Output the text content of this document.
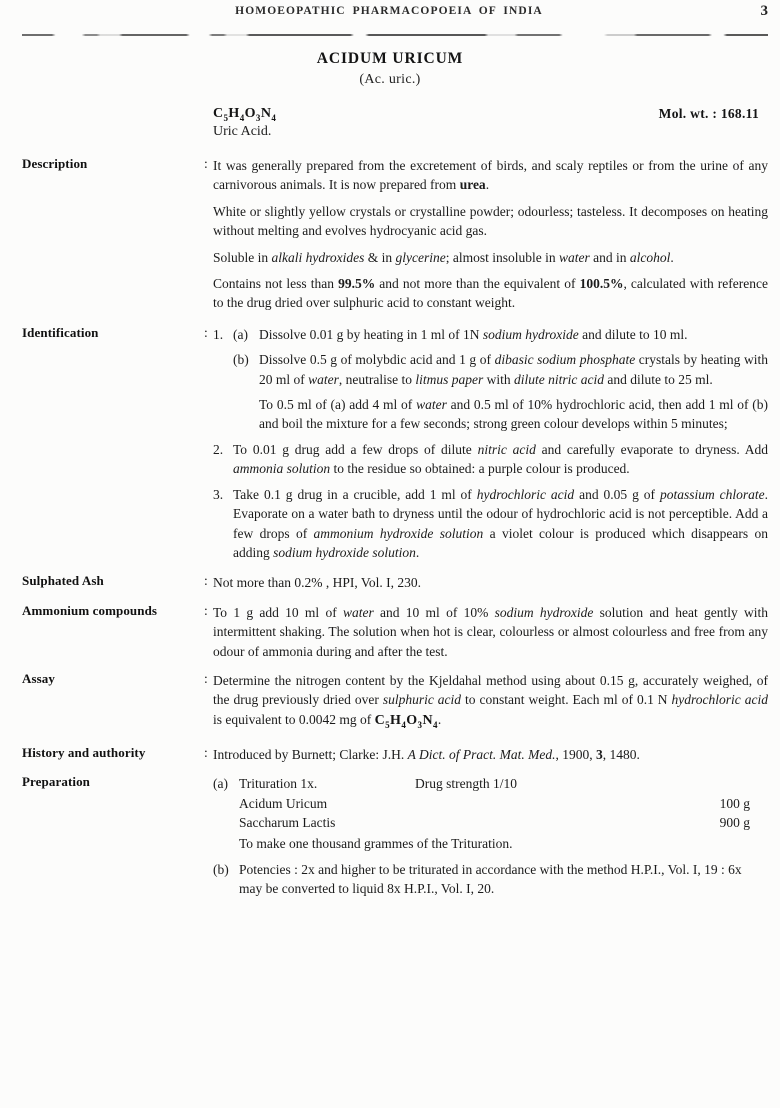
HOMOEOPATHIC PHARMACOPOEIA OF INDIA	3
ACIDUM URICUM
(Ac. uric.)
$C_5H_4O_3N_4$
Uric Acid.
Mol. wt. : 168.11
Description	: It was generally prepared from the excretement of birds, and scaly reptiles or from the urine of any carnivorous animals. It is now prepared from urea.

White or slightly yellow crystals or crystalline powder; odourless; tasteless. It decomposes on heating without melting and evolves hydrocyanic acid gas.

Soluble in alkali hydroxides & in glycerine; almost insoluble in water and in alcohol.

Contains not less than 99.5% and not more than the equivalent of 100.5%, calculated with reference to the drug dried over sulphuric acid to constant weight.

Identification	: 1. (a) Dissolve 0.01 g by heating in 1 ml of 1N sodium hydroxide and dilute to 10 ml.
(b) Dissolve 0.5 g of molybdic acid and 1 g of dibasic sodium phosphate crystals by heating with 20 ml of water, neutralise to litmus paper with dilute nitric acid and dilute to 25 ml.
To 0.5 ml of (a) add 4 ml of water and 0.5 ml of 10% hydrochloric acid, then add 1 ml of (b) and boil the mixture for a few seconds; strong green colour develops within 5 minutes;
2. To 0.01 g drug add a few drops of dilute nitric acid and carefully evaporate to dryness. Add ammonia solution to the residue so obtained: a purple colour is produced.
3. Take 0.1 g drug in a crucible, add 1 ml of hydrochloric acid and 0.05 g of potassium chlorate. Evaporate on a water bath to dryness until the odour of hydrochloric acid is not perceptible. Add a few drops of ammonium hydroxide solution a violet colour is produced which disappears on adding sodium hydroxide solution.
Sulphated Ash	: Not more than 0.2% , HPI, Vol. I, 230.

Ammonium compounds	: To 1 g add 10 ml of water and 10 ml of 10% sodium hydroxide solution and heat gently with intermittent shaking. The solution when hot is clear, colourless or almost colourless and free from any odour of ammonia during and after the test.

Assay	: Determine the nitrogen content by the Kjeldahal method using about 0.15 g, accurately weighed, of the drug previously dried over sulphuric acid to constant weight. Each ml of 0.1 N hydrochloric acid is equivalent to 0.0042 mg of $C_5H_4O_3N_4$.

History and authority	: Introduced by Burnett; Clarke: J.H. A Dict. of Pract. Mat. Med., 1900, 3, 1480.

Preparation	(a) Trituration 1x.	Drug strength 1/10	
Acidum Uricum		100 g
Saccharum Lactis		900 g
To make one thousand grammes of the Trituration.
(b) Potencies : 2x and higher to be triturated in accordance with the method H.P.I., Vol. I, 19 : 6x may be converted to liquid 8x H.P.I., Vol. I, 20.
